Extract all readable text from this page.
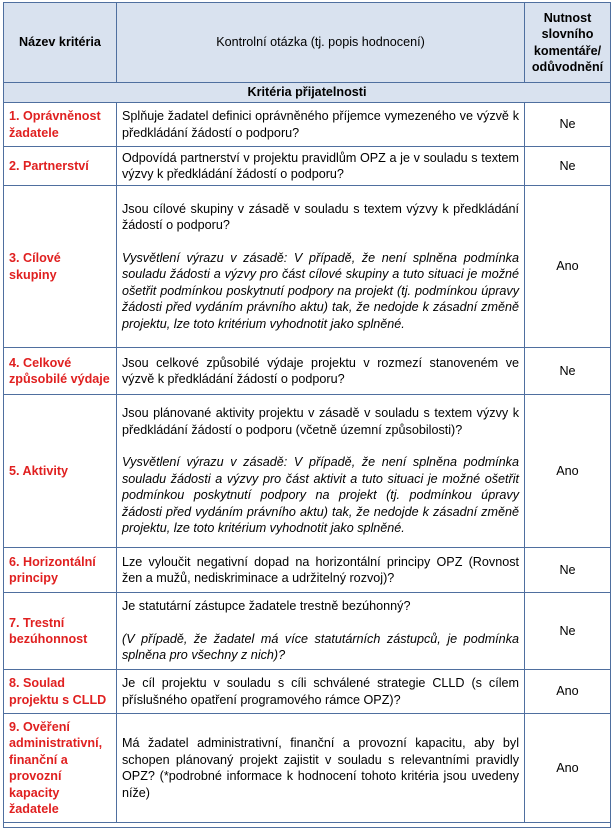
Název kritéria	Kontrolní otázka (tj. popis hodnocení)	Nutnost slovního komentáře/ odůvodnění
Kritéria přijatelnosti		
1. Oprávněnost žadatele	Splňuje žadatel definici oprávněného příjemce vymezeného ve výzvě k předkládání žádostí o podporu?	Ne
2. Partnerství	Odpovídá partnerství v projektu pravidlům OPZ a je v souladu s textem výzvy k předkládání žádostí o podporu?	Ne
3. Cílové skupiny	Jsou cílové skupiny v zásadě v souladu s textem výzvy k předkládání žádostí o podporu?

Vysvětlení výrazu v zásadě: V případě, že není splněna podmínka souladu žádosti a výzvy pro část cílové skupiny a tuto situaci je možné ošetřit podmínkou poskytnutí podpory na projekt (tj. podmínkou úpravy žádosti před vydáním právního aktu) tak, že nedojde k zásadní změně projektu, lze toto kritérium vyhodnotit jako splněné.	Ano
4. Celkové způsobilé výdaje	Jsou celkové způsobilé výdaje projektu v rozmezí stanoveném ve výzvě k předkládání žádostí o podporu?	Ne
5. Aktivity	Jsou plánované aktivity projektu v zásadě v souladu s textem výzvy k předkládání žádostí o podporu (včetně územní způsobilosti)?

Vysvětlení výrazu v zásadě: V případě, že není splněna podmínka souladu žádosti a výzvy pro část aktivit a tuto situaci je možné ošetřit podmínkou poskytnutí podpory na projekt (tj. podmínkou úpravy žádosti před vydáním právního aktu) tak, že nedojde k zásadní změně projektu, lze toto kritérium vyhodnotit jako splněné.	Ano
6. Horizontální principy	Lze vyloučit negativní dopad na horizontální principy OPZ (Rovnost žen a mužů, nediskriminace a udržitelný rozvoj)?	Ne
7. Trestní bezúhonnost	Je statutární zástupce žadatele trestně bezúhonný?

(V případě, že žadatel má více statutárních zástupců, je podmínka splněna pro všechny z nich)?	Ne
8. Soulad projektu s CLLD	Je cíl projektu v souladu s cíli schválené strategie CLLD (s cílem příslušného opatření programového rámce OPZ)?	Ano
9. Ověření administrativní, finanční a provozní kapacity žadatele	Má žadatel administrativní, finanční a provozní kapacitu, aby byl schopen plánovaný projekt zajistit v souladu s relevantními pravidly OPZ? (*podrobné informace k hodnocení tohoto kritéria jsou uvedeny níže)	Ano
